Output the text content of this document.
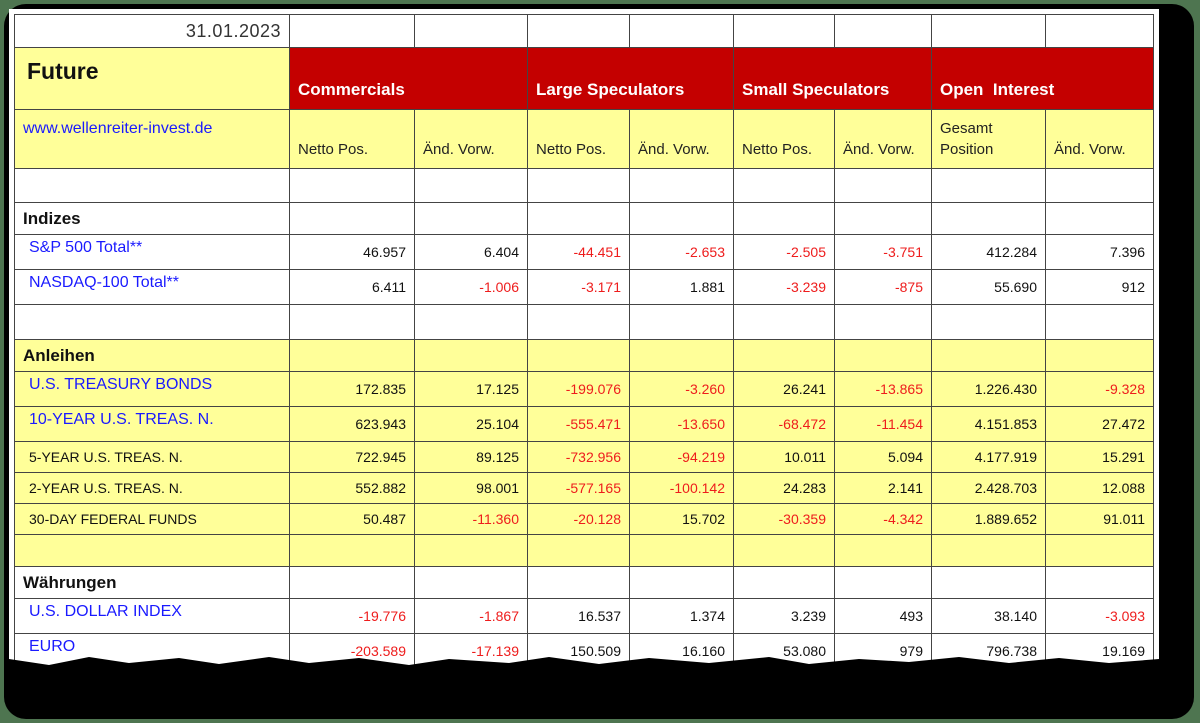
31.01.2023								
Future	Commercials		Large Speculators		Small Speculators		Open  Interest	
www.wellenreiter-invest.de	Netto Pos.	Änd. Vorw.	Netto Pos.	Änd. Vorw.	Netto Pos.	Änd. Vorw.	Gesamt Position	Änd. Vorw.

Indizes								
S&P 500 Total**	46.957	6.404	-44.451	-2.653	-2.505	-3.751	412.284	7.396
NASDAQ-100 Total**	6.411	-1.006	-3.171	1.881	-3.239	-875	55.690	912

Anleihen								
U.S. TREASURY BONDS	172.835	17.125	-199.076	-3.260	26.241	-13.865	1.226.430	-9.328
10-YEAR U.S. TREAS. N.	623.943	25.104	-555.471	-13.650	-68.472	-11.454	4.151.853	27.472
5-YEAR U.S. TREAS. N.	722.945	89.125	-732.956	-94.219	10.011	5.094	4.177.919	15.291
2-YEAR U.S. TREAS. N.	552.882	98.001	-577.165	-100.142	24.283	2.141	2.428.703	12.088
30-DAY FEDERAL FUNDS	50.487	-11.360	-20.128	15.702	-30.359	-4.342	1.889.652	91.011

Währungen								
U.S. DOLLAR INDEX	-19.776	-1.867	16.537	1.374	3.239	493	38.140	-3.093
EURO	-203.589	-17.139	150.509	16.160	53.080	979	796.738	19.169
